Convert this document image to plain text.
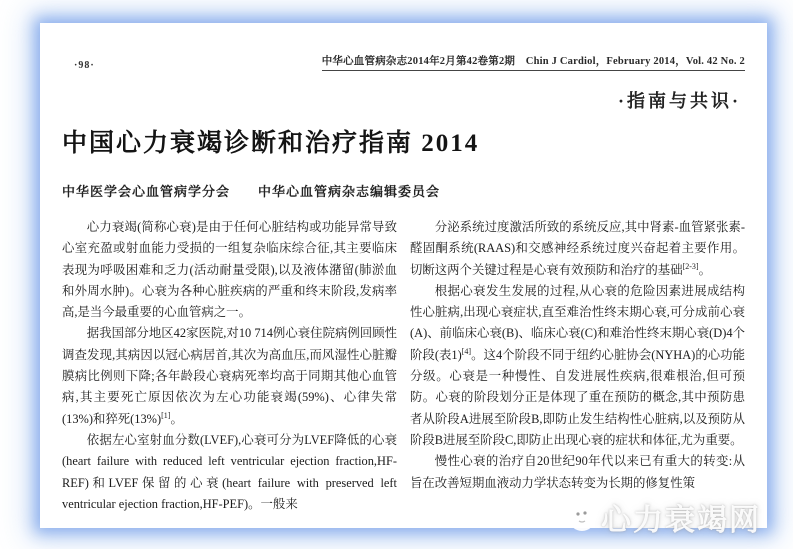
·98·	中华心血管病杂志2014年2月第42卷第2期　Chin J Cardiol，February 2014，Vol. 42 No. 2
·指南与共识·
中国心力衰竭诊断和治疗指南 2014
中华医学会心血管病学分会　　中华心血管病杂志编辑委员会

心力衰竭(简称心衰)是由于任何心脏结构或功能异常导致心室充盈或射血能力受损的一组复杂临床综合征,其主要临床表现为呼吸困难和乏力(活动耐量受限),以及液体潴留(肺淤血和外周水肿)。心衰为各种心脏疾病的严重和终末阶段,发病率高,是当今最重要的心血管病之一。

据我国部分地区42家医院,对10 714例心衰住院病例回顾性调查发现,其病因以冠心病居首,其次为高血压,而风湿性心脏瓣膜病比例则下降;各年龄段心衰病死率均高于同期其他心血管病,其主要死亡原因依次为左心功能衰竭(59%)、心律失常(13%)和猝死(13%)[1]。

依据左心室射血分数(LVEF),心衰可分为LVEF降低的心衰(heart failure with reduced left ventricular ejection fraction,HF-REF)和LVEF保留的心衰(heart failure with preserved left ventricular ejection fraction,HF-PEF)。一般来

分泌系统过度激活所致的系统反应,其中肾素-血管紧张素-醛固酮系统(RAAS)和交感神经系统过度兴奋起着主要作用。切断这两个关键过程是心衰有效预防和治疗的基础[2-3]。

根据心衰发生发展的过程,从心衰的危险因素进展成结构性心脏病,出现心衰症状,直至难治性终末期心衰,可分成前心衰(A)、前临床心衰(B)、临床心衰(C)和难治性终末期心衰(D)4个阶段(表1)[4]。这4个阶段不同于纽约心脏协会(NYHA)的心功能分级。心衰是一种慢性、自发进展性疾病,很难根治,但可预防。心衰的阶段划分正是体现了重在预防的概念,其中预防患者从阶段A进展至阶段B,即防止发生结构性心脏病,以及预防从阶段B进展至阶段C,即防止出现心衰的症状和体征,尤为重要。

慢性心衰的治疗自20世纪90年代以来已有重大的转变:从旨在改善短期血液动力学状态转变为长期的修复性策

心力衰竭网
